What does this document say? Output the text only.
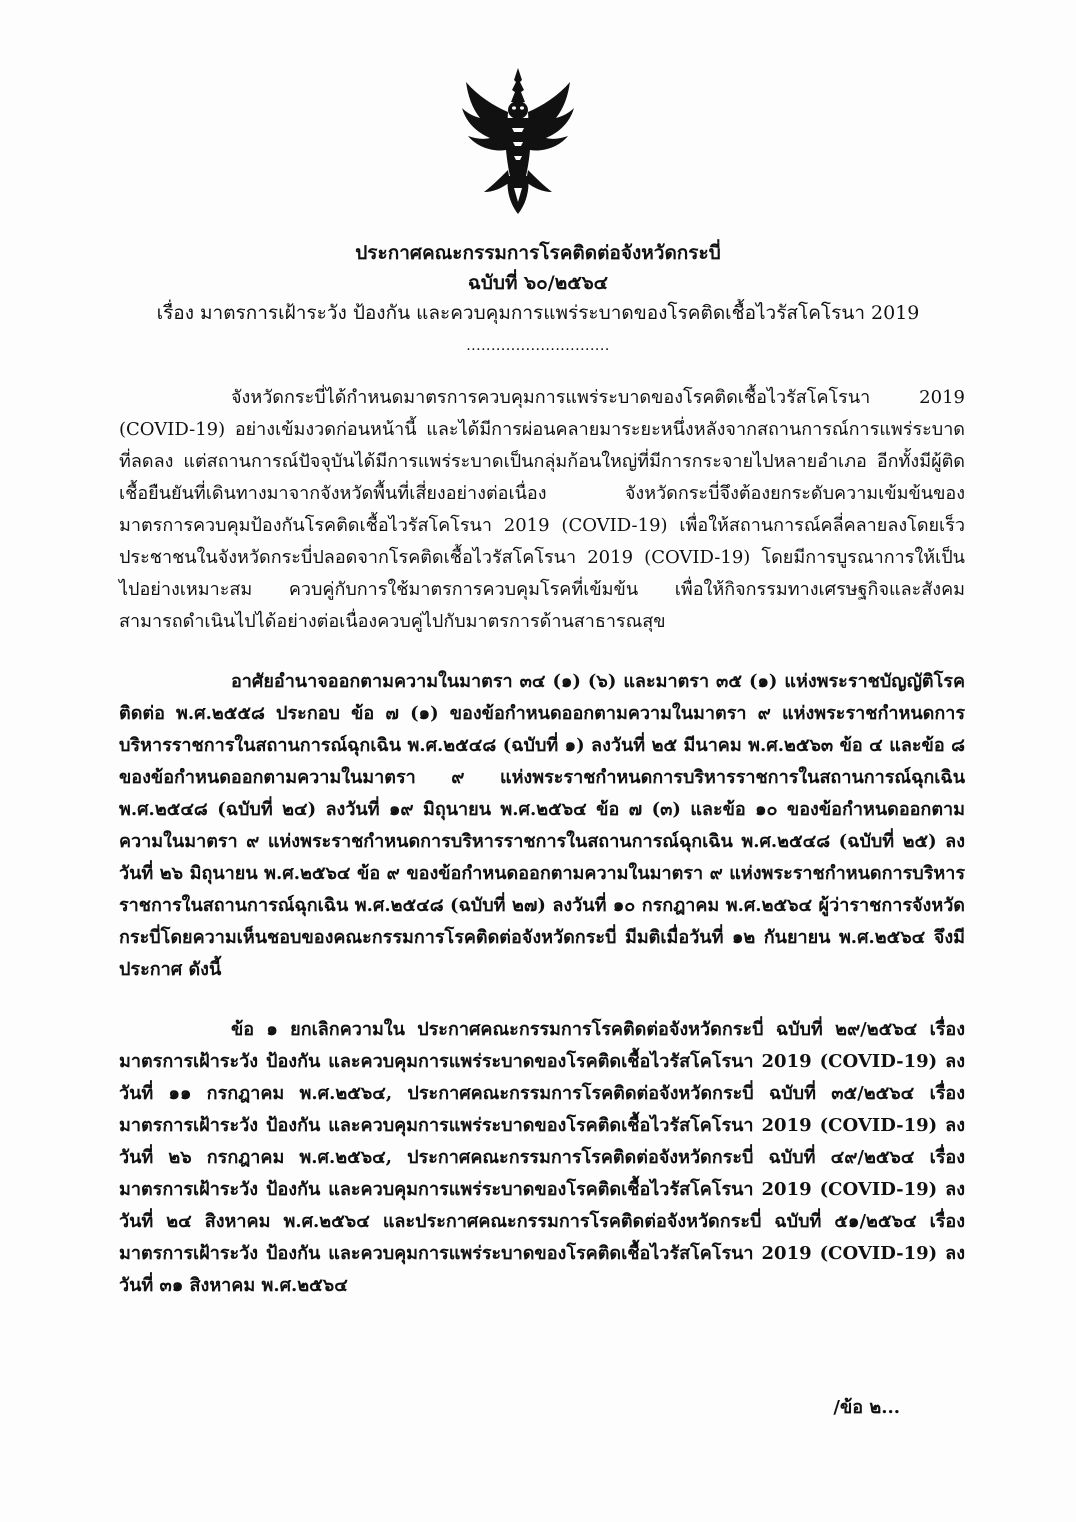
ประกาศคณะกรรมการโรคติดต่อจังหวัดกระบี่
ฉบับที่ ๖๐/๒๕๖๔
เรื่อง มาตรการเฝ้าระวัง ป้องกัน และควบคุมการแพร่ระบาดของโรคติดเชื้อไวรัสโคโรนา 2019
.............................

จังหวัดกระบี่ได้กำหนดมาตรการควบคุมการแพร่ระบาดของโรคติดเชื้อไวรัสโคโรนา 2019 (COVID-19) อย่างเข้มงวดก่อนหน้านี้ และได้มีการผ่อนคลายมาระยะหนึ่งหลังจากสถานการณ์การแพร่ระบาดที่ลดลง แต่สถานการณ์ปัจจุบันได้มีการแพร่ระบาดเป็นกลุ่มก้อนใหญ่ที่มีการกระจายไปหลายอำเภอ อีกทั้งมีผู้ติดเชื้อยืนยันที่เดินทางมาจากจังหวัดพื้นที่เสี่ยงอย่างต่อเนื่อง จังหวัดกระบี่จึงต้องยกระดับความเข้มข้นของมาตรการควบคุมป้องกันโรคติดเชื้อไวรัสโคโรนา 2019 (COVID-19) เพื่อให้สถานการณ์คลี่คลายลงโดยเร็ว ประชาชนในจังหวัดกระบี่ปลอดจากโรคติดเชื้อไวรัสโคโรนา 2019 (COVID-19) โดยมีการบูรณาการให้เป็นไปอย่างเหมาะสม ควบคู่กับการใช้มาตรการควบคุมโรคที่เข้มข้น เพื่อให้กิจกรรมทางเศรษฐกิจและสังคมสามารถดำเนินไปได้อย่างต่อเนื่องควบคู่ไปกับมาตรการด้านสาธารณสุข

อาศัยอำนาจออกตามความในมาตรา ๓๔ (๑) (๖) และมาตรา ๓๕ (๑) แห่งพระราชบัญญัติโรคติดต่อ พ.ศ.๒๕๕๘ ประกอบ ข้อ ๗ (๑) ของข้อกำหนดออกตามความในมาตรา ๙ แห่งพระราชกำหนดการบริหารราชการในสถานการณ์ฉุกเฉิน พ.ศ.๒๕๔๘ (ฉบับที่ ๑) ลงวันที่ ๒๕ มีนาคม พ.ศ.๒๕๖๓ ข้อ ๔ และข้อ ๘ ของข้อกำหนดออกตามความในมาตรา ๙ แห่งพระราชกำหนดการบริหารราชการในสถานการณ์ฉุกเฉิน พ.ศ.๒๕๔๘ (ฉบับที่ ๒๔) ลงวันที่ ๑๙ มิถุนายน พ.ศ.๒๕๖๔ ข้อ ๗ (๓) และข้อ ๑๐ ของข้อกำหนดออกตามความในมาตรา ๙ แห่งพระราชกำหนดการบริหารราชการในสถานการณ์ฉุกเฉิน พ.ศ.๒๕๔๘ (ฉบับที่ ๒๕) ลงวันที่ ๒๖ มิถุนายน พ.ศ.๒๕๖๔ ข้อ ๙ ของข้อกำหนดออกตามความในมาตรา ๙ แห่งพระราชกำหนดการบริหารราชการในสถานการณ์ฉุกเฉิน พ.ศ.๒๕๔๘ (ฉบับที่ ๒๗) ลงวันที่ ๑๐ กรกฎาคม พ.ศ.๒๕๖๔ ผู้ว่าราชการจังหวัดกระบี่โดยความเห็นชอบของคณะกรรมการโรคติดต่อจังหวัดกระบี่ มีมติเมื่อวันที่ ๑๒ กันยายน พ.ศ.๒๕๖๔ จึงมีประกาศ ดังนี้

ข้อ ๑ ยกเลิกความใน ประกาศคณะกรรมการโรคติดต่อจังหวัดกระบี่ ฉบับที่ ๒๙/๒๕๖๔ เรื่อง มาตรการเฝ้าระวัง ป้องกัน และควบคุมการแพร่ระบาดของโรคติดเชื้อไวรัสโคโรนา 2019 (COVID-19) ลงวันที่ ๑๑ กรกฎาคม พ.ศ.๒๕๖๔, ประกาศคณะกรรมการโรคติดต่อจังหวัดกระบี่ ฉบับที่ ๓๕/๒๕๖๔ เรื่อง มาตรการเฝ้าระวัง ป้องกัน และควบคุมการแพร่ระบาดของโรคติดเชื้อไวรัสโคโรนา 2019 (COVID-19) ลงวันที่ ๒๖ กรกฎาคม พ.ศ.๒๕๖๔, ประกาศคณะกรรมการโรคติดต่อจังหวัดกระบี่ ฉบับที่ ๔๙/๒๕๖๔ เรื่อง มาตรการเฝ้าระวัง ป้องกัน และควบคุมการแพร่ระบาดของโรคติดเชื้อไวรัสโคโรนา 2019 (COVID-19) ลงวันที่ ๒๔ สิงหาคม พ.ศ.๒๕๖๔ และประกาศคณะกรรมการโรคติดต่อจังหวัดกระบี่ ฉบับที่ ๕๑/๒๕๖๔ เรื่อง มาตรการเฝ้าระวัง ป้องกัน และควบคุมการแพร่ระบาดของโรคติดเชื้อไวรัสโคโรนา 2019 (COVID-19) ลงวันที่ ๓๑ สิงหาคม พ.ศ.๒๕๖๔

/ข้อ ๒...
